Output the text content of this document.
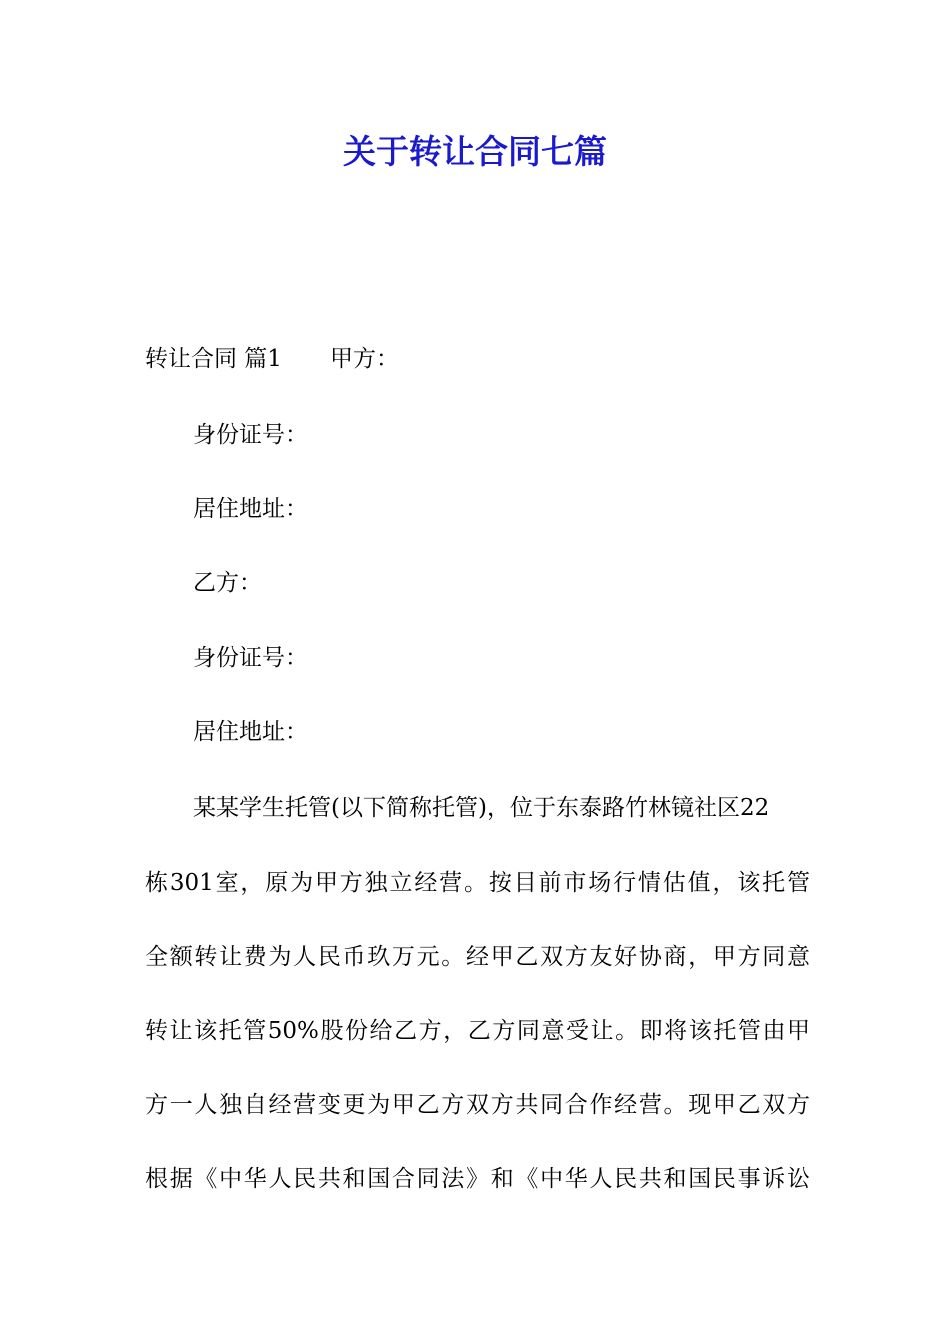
关于转让合同七篇

转让合同 篇1 甲方：

身份证号：

居住地址：

乙方：

身份证号：

居住地址：

某某学生托管(以下简称托管)，位于东泰路竹林镜社区22

栋301室，原为甲方独立经营。按目前市场行情估值，该托管

全额转让费为人民币玖万元。经甲乙双方友好协商，甲方同意

转让该托管50%股份给乙方，乙方同意受让。即将该托管由甲

方一人独自经营变更为甲乙方双方共同合作经营。现甲乙双方

根据《中华人民共和国合同法》和《中华人民共和国民事诉讼
